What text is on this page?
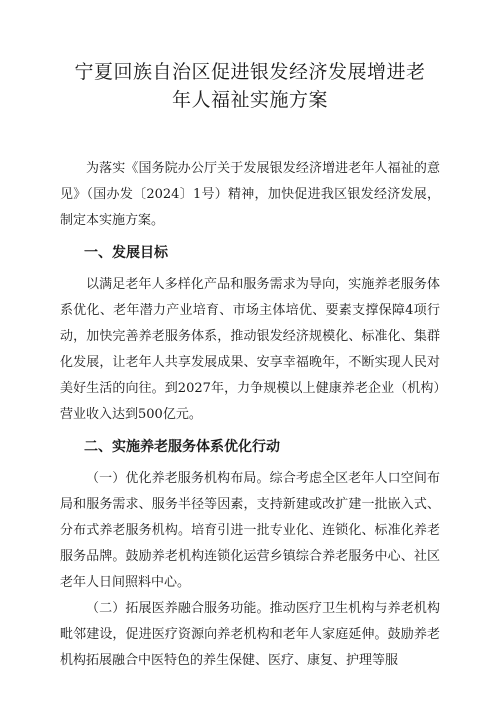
宁夏回族自治区促进银发经济发展增进老
年人福祉实施方案

为落实《国务院办公厅关于发展银发经济增进老年人福祉的意见》（国办发〔2024〕1号）精神，加快促进我区银发经济发展，制定本实施方案。

一、发展目标

以满足老年人多样化产品和服务需求为导向，实施养老服务体系优化、老年潜力产业培育、市场主体培优、要素支撑保障4项行动，加快完善养老服务体系，推动银发经济规模化、标准化、集群化发展，让老年人共享发展成果、安享幸福晚年，不断实现人民对美好生活的向往。到2027年，力争规模以上健康养老企业（机构）营业收入达到500亿元。

二、实施养老服务体系优化行动

（一）优化养老服务机构布局。综合考虑全区老年人口空间布局和服务需求、服务半径等因素，支持新建或改扩建一批嵌入式、分布式养老服务机构。培育引进一批专业化、连锁化、标准化养老服务品牌。鼓励养老机构连锁化运营乡镇综合养老服务中心、社区老年人日间照料中心。

（二）拓展医养融合服务功能。推动医疗卫生机构与养老机构毗邻建设，促进医疗资源向养老机构和老年人家庭延伸。鼓励养老机构拓展融合中医特色的养生保健、医疗、康复、护理等服
